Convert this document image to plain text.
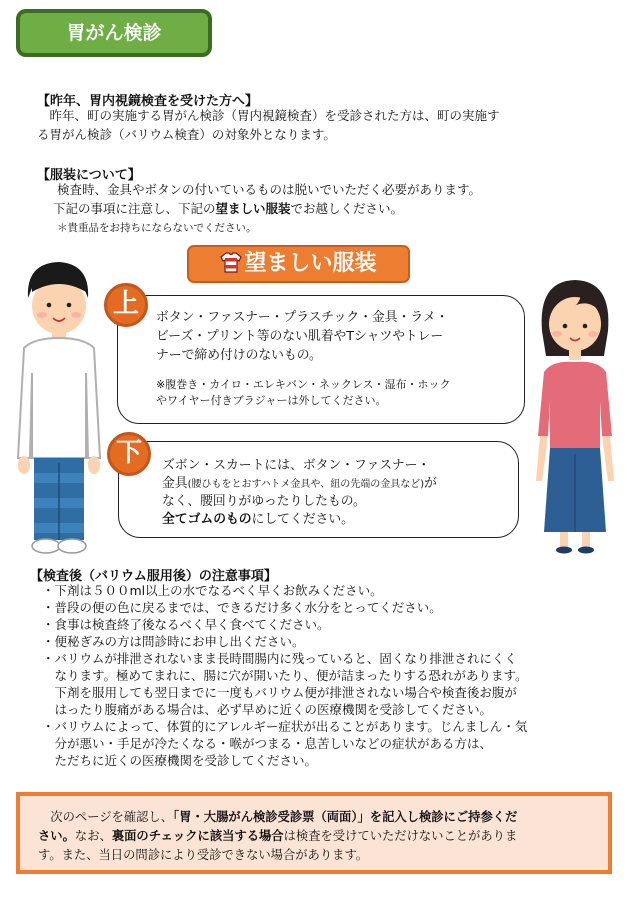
胃がん検診
【昨年、胃内視鏡検査を受けた方へ】
　昨年、町の実施する胃がん検診（胃内視鏡検査）を受診された方は、町の実施す
る胃がん検診（バリウム検査）の対象外となります。
【服装について】
検査時、金具やボタンの付いているものは脱いでいただく必要があります。
下記の事項に注意し、下記の望ましい服装でお越しください。
＊貴重品をお持ちにならないでください。
望ましい服装
上	ボタン・ファスナー・プラスチック・金具・ラメ・
ビーズ・プリント等のない肌着やTシャツやトレー
ナーで締め付けのないもの。
※腹巻き・カイロ・エレキバン・ネックレス・湿布・ホック
やワイヤー付きブラジャーは外してください。
下	ズボン・スカートには、ボタン・ファスナー・
金具(腰ひもをとおすハトメ金具や、紐の先端の金具など)が
なく、腰回りがゆったりしたもの。
全てゴムのものにしてください。
【検査後（バリウム服用後）の注意事項】
・下剤は５００ml以上の水でなるべく早くお飲みください。
・普段の便の色に戻るまでは、できるだけ多く水分をとってください。
・食事は検査終了後なるべく早く食べてください。
・便秘ぎみの方は問診時にお申し出ください。
・バリウムが排泄されないまま長時間腸内に残っていると、固くなり排泄されにくく
　なります。極めてまれに、腸に穴が開いたり、便が詰まったりする恐れがあります。
　下剤を服用しても翌日までに一度もバリウム便が排泄されない場合や検査後お腹が
　はったり腹痛がある場合は、必ず早めに近くの医療機関を受診してください。
・バリウムによって、体質的にアレルギー症状が出ることがあります。じんましん・気
　分が悪い・手足が冷たくなる・喉がつまる・息苦しいなどの症状がある方は、
　ただちに近くの医療機関を受診してください。

　次のページを確認し、「胃・大腸がん検診受診票（両面）」を記入し検診にご持参くだ

さい。なお、裏面のチェックに該当する場合は検査を受けていただけないことがありま

す。また、当日の問診により受診できない場合があります。
